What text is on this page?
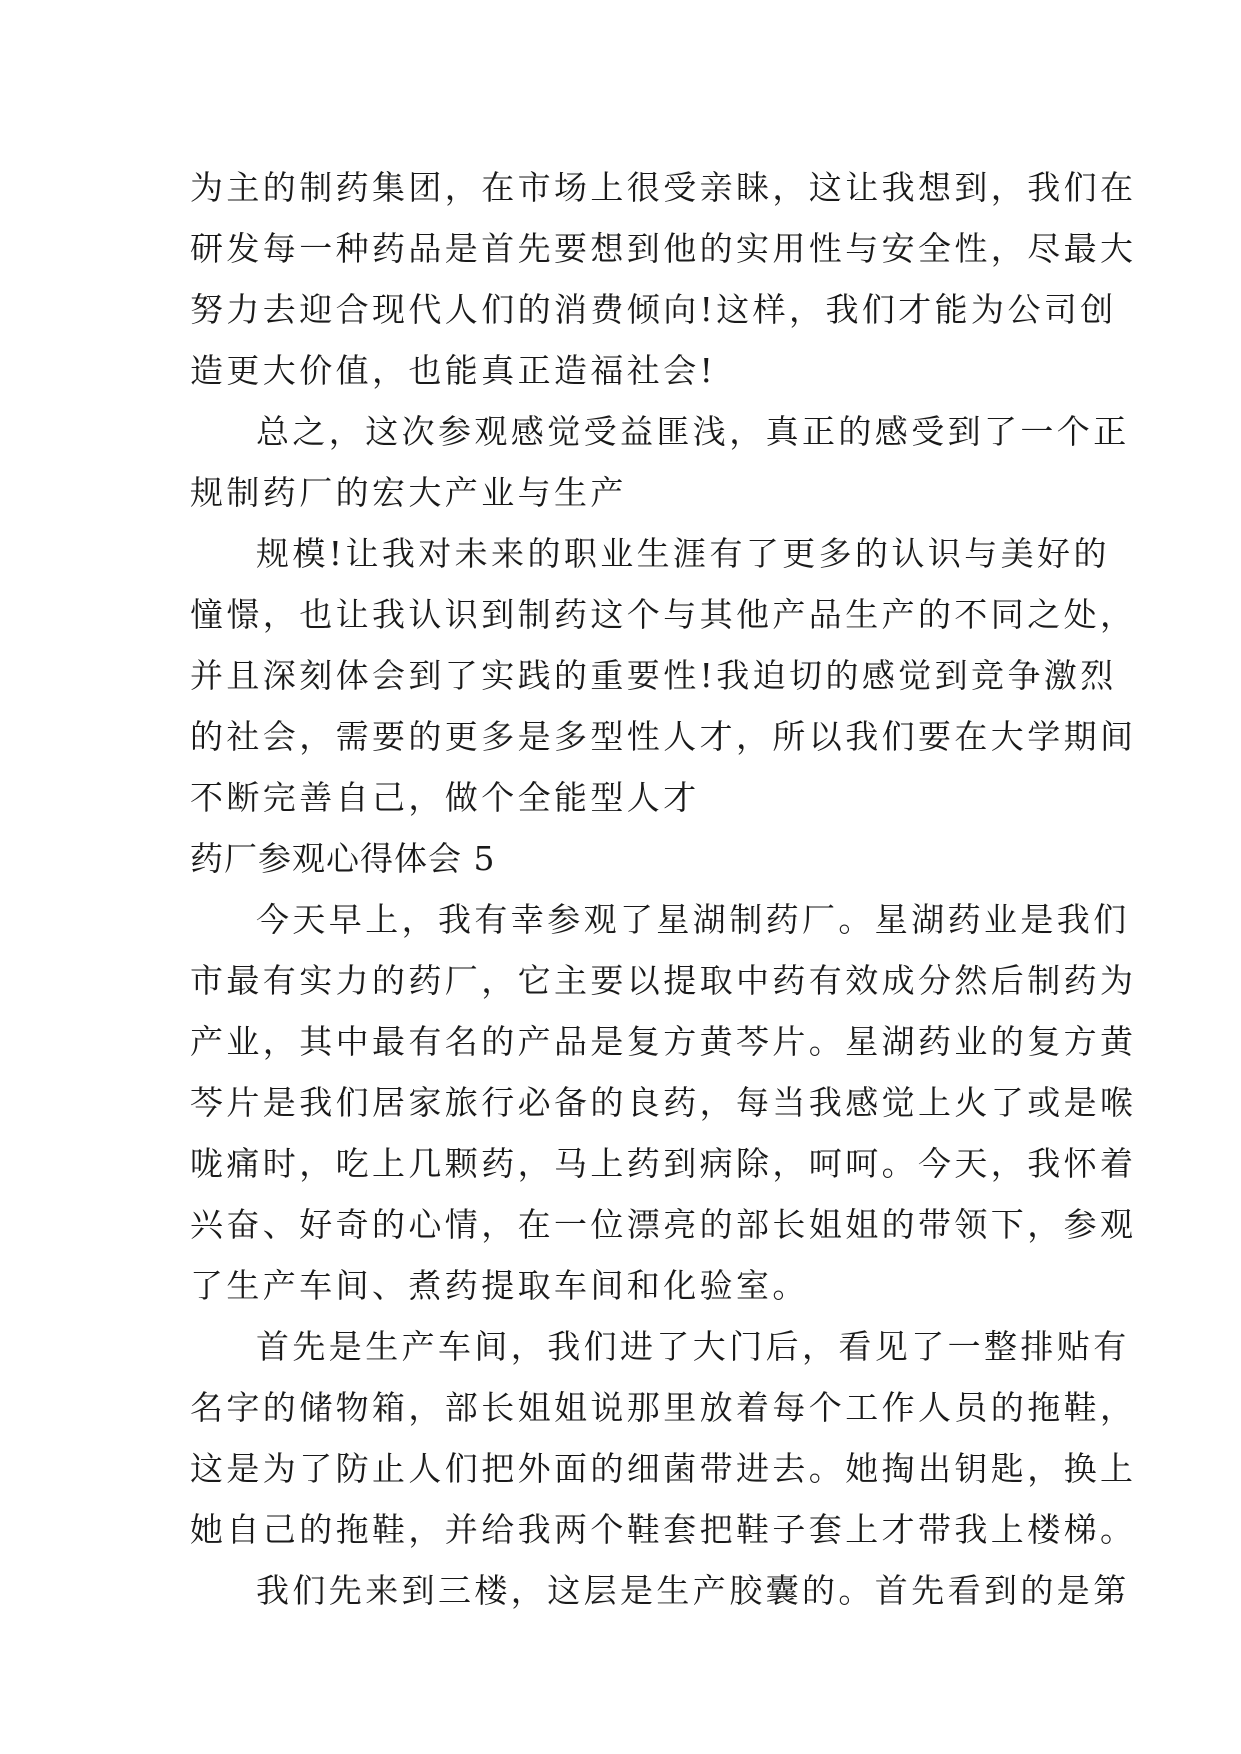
为主的制药集团，在市场上很受亲睐，这让我想到，我们在
研发每一种药品是首先要想到他的实用性与安全性，尽最大
努力去迎合现代人们的消费倾向!这样，我们才能为公司创
造更大价值，也能真正造福社会!
总之，这次参观感觉受益匪浅，真正的感受到了一个正
规制药厂的宏大产业与生产
规模!让我对未来的职业生涯有了更多的认识与美好的
憧憬，也让我认识到制药这个与其他产品生产的不同之处，
并且深刻体会到了实践的重要性!我迫切的感觉到竞争激烈
的社会，需要的更多是多型性人才，所以我们要在大学期间
不断完善自己，做个全能型人才
药厂参观心得体会 5
今天早上，我有幸参观了星湖制药厂。星湖药业是我们
市最有实力的药厂，它主要以提取中药有效成分然后制药为
产业，其中最有名的产品是复方黄芩片。星湖药业的复方黄
芩片是我们居家旅行必备的良药，每当我感觉上火了或是喉
咙痛时，吃上几颗药，马上药到病除，呵呵。今天，我怀着
兴奋、好奇的心情，在一位漂亮的部长姐姐的带领下，参观
了生产车间、煮药提取车间和化验室。
首先是生产车间，我们进了大门后，看见了一整排贴有
名字的储物箱，部长姐姐说那里放着每个工作人员的拖鞋，
这是为了防止人们把外面的细菌带进去。她掏出钥匙，换上
她自己的拖鞋，并给我两个鞋套把鞋子套上才带我上楼梯。
我们先来到三楼，这层是生产胶囊的。首先看到的是第
